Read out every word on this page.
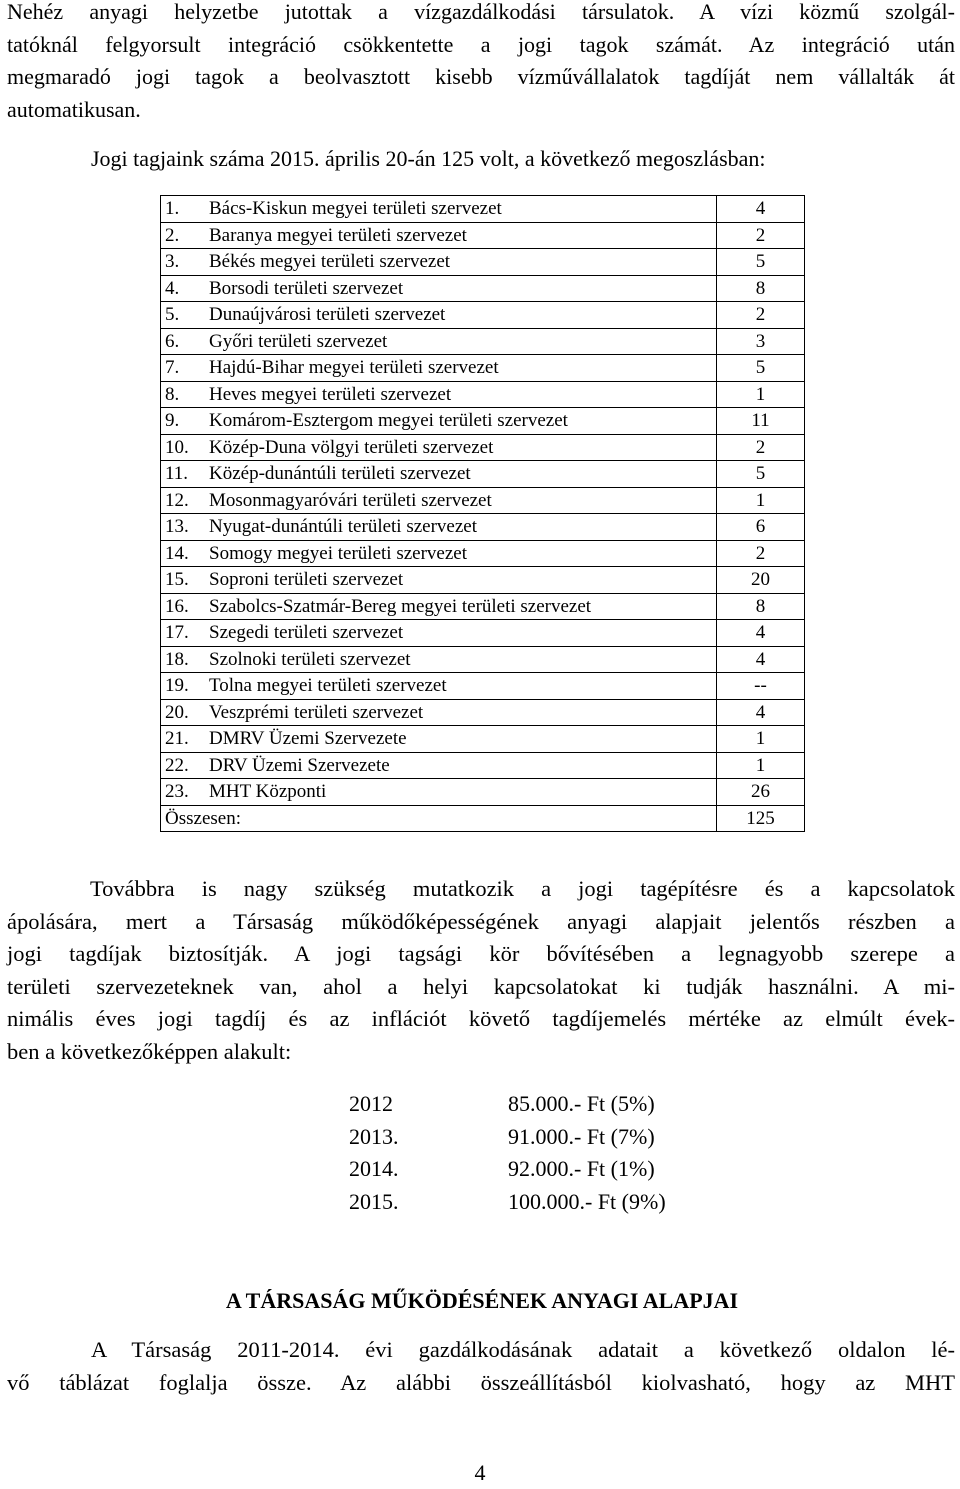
Nehéz anyagi helyzetbe jutottak a vízgazdálkodási társulatok. A vízi közmű szolgál-
tatóknál felgyorsult integráció csökkentette a jogi tagok számát. Az integráció után
megmaradó jogi tagok a beolvasztott kisebb vízművállalatok tagdíját nem vállalták át
automatikusan.

Jogi tagjaink száma 2015. április 20-án 125 volt, a következő megoszlásban:

1. Bács-Kiskun megyei területi szervezet	4
2. Baranya megyei területi szervezet	2
3. Békés megyei területi szervezet	5
4. Borsodi területi szervezet	8
5. Dunaújvárosi területi szervezet	2
6. Győri területi szervezet	3
7. Hajdú-Bihar megyei területi szervezet	5
8. Heves megyei területi szervezet	1
9. Komárom-Esztergom megyei területi szervezet	11
10. Közép-Duna völgyi területi szervezet	2
11. Közép-dunántúli területi szervezet	5
12. Mosonmagyaróvári területi szervezet	1
13. Nyugat-dunántúli területi szervezet	6
14. Somogy megyei területi szervezet	2
15. Soproni területi szervezet	20
16. Szabolcs-Szatmár-Bereg megyei területi szervezet	8
17. Szegedi területi szervezet	4
18. Szolnoki területi szervezet	4
19. Tolna megyei területi szervezet	--
20. Veszprémi területi szervezet	4
21. DMRV Üzemi Szervezete	1
22. DRV Üzemi Szervezete	1
23. MHT Központi	26
Összesen:	125
Továbbra is nagy szükség mutatkozik a jogi tagépítésre és a kapcsolatok
ápolására, mert a Társaság működőképességének anyagi alapjait jelentős részben a
jogi tagdíjak biztosítják. A jogi tagsági kör bővítésében a legnagyobb szerepe a
területi szervezeteknek van, ahol a helyi kapcsolatokat ki tudják használni. A mi-
nimális éves jogi tagdíj és az inflációt követő tagdíjemelés mértéke az elmúlt évek-
ben a következőképpen alakult:
2012	85.000.- Ft (5%)
2013.	91.000.- Ft (7%)
2014.	92.000.- Ft (1%)
2015.	100.000.- Ft (9%)
A TÁRSASÁG MŰKÖDÉSÉNEK ANYAGI ALAPJAI
A Társaság 2011-2014. évi gazdálkodásának adatait a következő oldalon lé-
vő táblázat foglalja össze. Az alábbi összeállításból kiolvasható, hogy az MHT
4
